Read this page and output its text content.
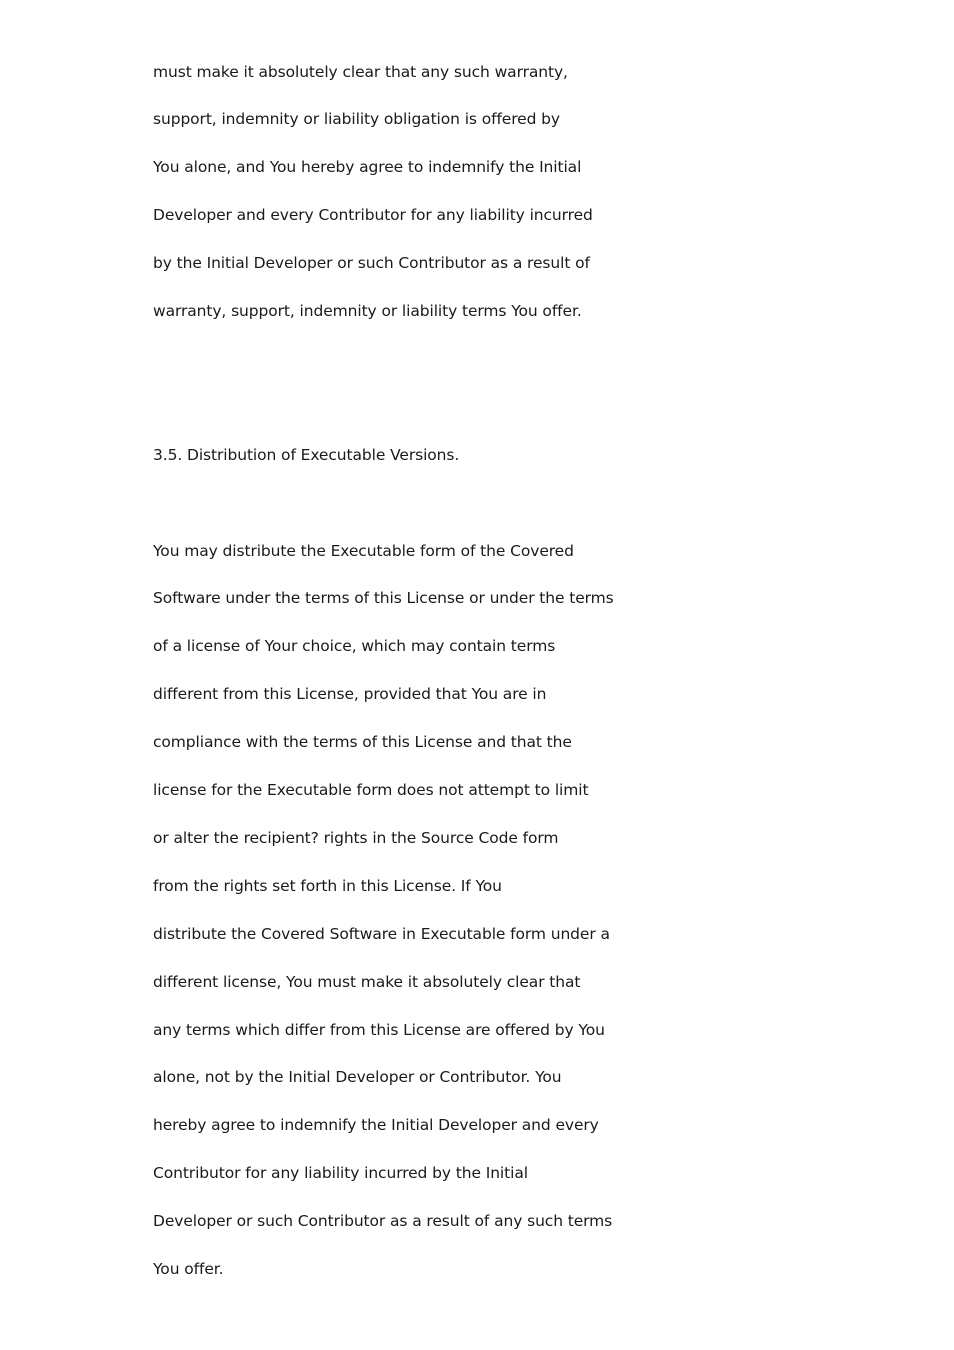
must make it absolutely clear that any such warranty,
support, indemnity or liability obligation is offered by
You alone, and You hereby agree to indemnify the Initial
Developer and every Contributor for any liability incurred
by the Initial Developer or such Contributor as a result of
warranty, support, indemnity or liability terms You offer.
3.5. Distribution of Executable Versions.
You may distribute the Executable form of the Covered
Software under the terms of this License or under the terms
of a license of Your choice, which may contain terms
different from this License, provided that You are in
compliance with the terms of this License and that the
license for the Executable form does not attempt to limit
or alter the recipient? rights in the Source Code form
from the rights set forth in this License. If You
distribute the Covered Software in Executable form under a
different license, You must make it absolutely clear that
any terms which differ from this License are offered by You
alone, not by the Initial Developer or Contributor. You
hereby agree to indemnify the Initial Developer and every
Contributor for any liability incurred by the Initial
Developer or such Contributor as a result of any such terms
You offer.
